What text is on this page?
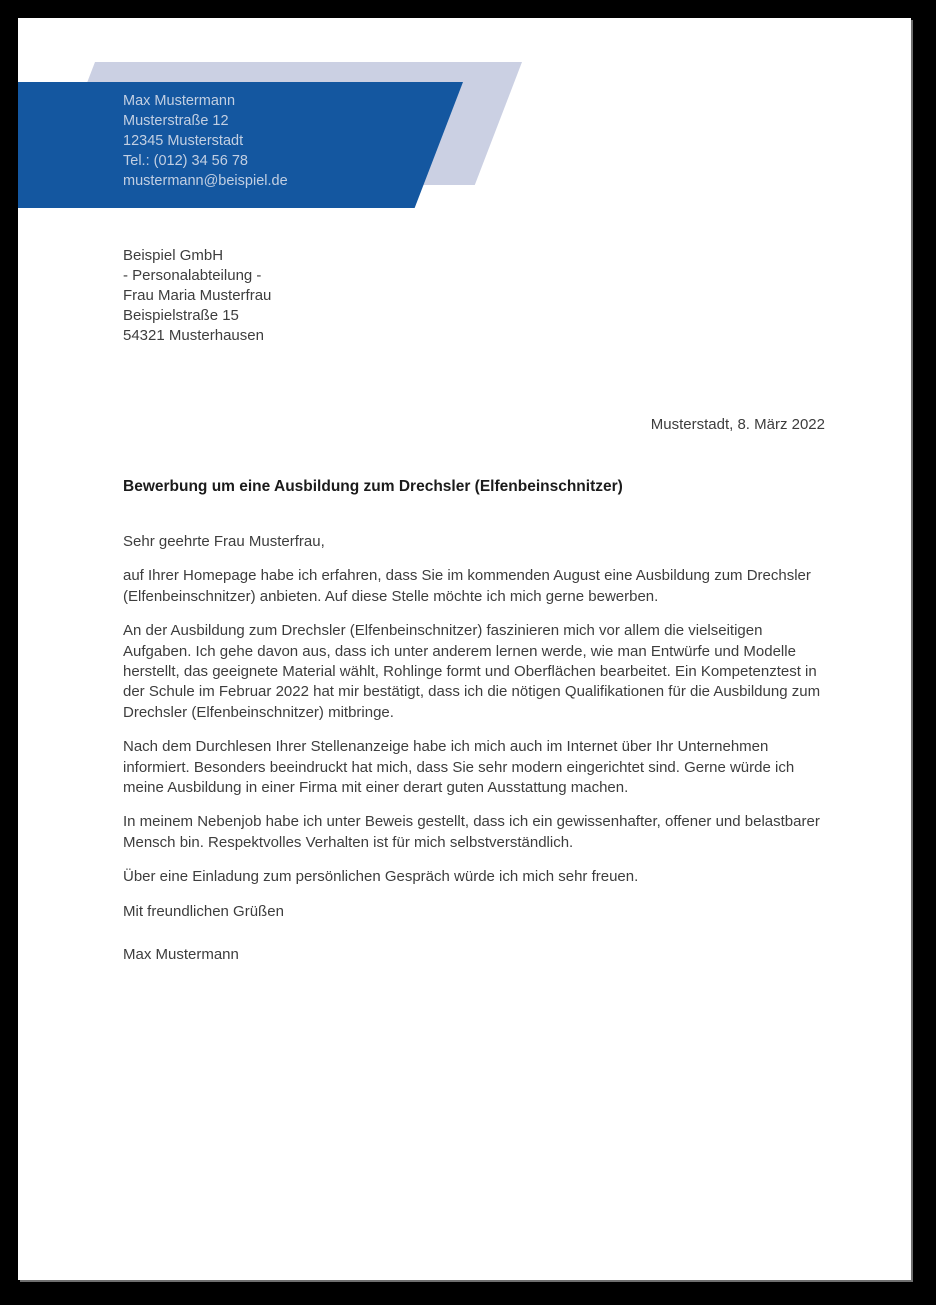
Max Mustermann
Musterstraße 12
12345 Musterstadt
Tel.: (012) 34 56 78
mustermann@beispiel.de
Beispiel GmbH
- Personalabteilung -
Frau Maria Musterfrau
Beispielstraße 15
54321 Musterhausen
Musterstadt, 8. März 2022
Bewerbung um eine Ausbildung zum Drechsler (Elfenbeinschnitzer)

Sehr geehrte Frau Musterfrau,

auf Ihrer Homepage habe ich erfahren, dass Sie im kommenden August eine Ausbildung zum Drechsler (Elfenbeinschnitzer) anbieten. Auf diese Stelle möchte ich mich gerne bewerben.

An der Ausbildung zum Drechsler (Elfenbeinschnitzer) faszinieren mich vor allem die vielseitigen Aufgaben. Ich gehe davon aus, dass ich unter anderem lernen werde, wie man Entwürfe und Modelle herstellt, das geeignete Material wählt, Rohlinge formt und Oberflächen bearbeitet. Ein Kompetenztest in der Schule im Februar 2022 hat mir bestätigt, dass ich die nötigen Qualifikationen für die Ausbildung zum Drechsler (Elfenbeinschnitzer) mitbringe.

Nach dem Durchlesen Ihrer Stellenanzeige habe ich mich auch im Internet über Ihr Unternehmen informiert. Besonders beeindruckt hat mich, dass Sie sehr modern eingerichtet sind. Gerne würde ich meine Ausbildung in einer Firma mit einer derart guten Ausstattung machen.

In meinem Nebenjob habe ich unter Beweis gestellt, dass ich ein gewissenhafter, offener und belastbarer Mensch bin. Respektvolles Verhalten ist für mich selbstverständlich.

Über eine Einladung zum persönlichen Gespräch würde ich mich sehr freuen.

Mit freundlichen Grüßen

Max Mustermann
